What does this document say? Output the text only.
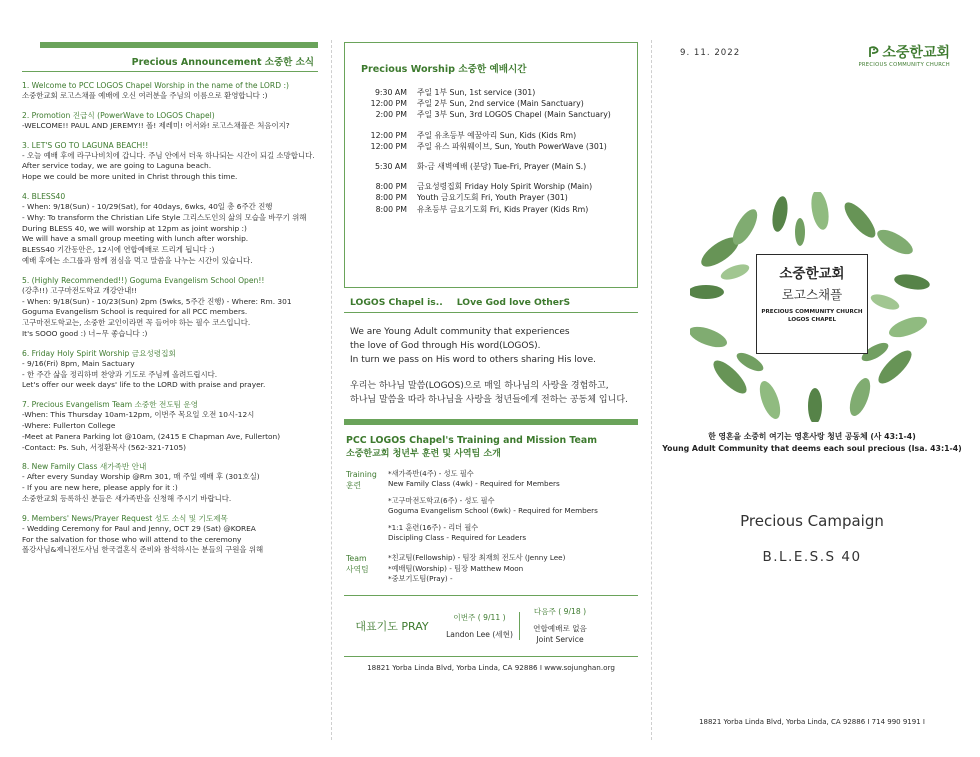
Precious Announcement 소중한 소식
1. Welcome to PCC LOGOS Chapel Worship in the name of the LORD :)
소중한교회 로고스채플 예배에 오신 여러분을 주님의 이름으로 환영합니다 :)
2. Promotion 진급식 (PowerWave to LOGOS Chapel)
-WELCOME!! PAUL AND JEREMY!! 폴! 제레미! 어서와! 로고스채플은 처음이지?
3. LET'S GO TO LAGUNA BEACH!!
- 오늘 예배 후에 라구나비치에 갑니다. 주님 안에서 더욱 하나되는 시간이 되길 소망합니다.
After service today, we are going to Laguna beach.
Hope we could be more united in Christ through this time.
4. BLESS40
- When: 9/18(Sun) - 10/29(Sat), for 40days, 6wks, 40일 총 6주간 진행
- Why: To transform the Christian Life Style 그리스도인의 삶의 모습을 바꾸기 위해
During BLESS 40, we will worship at 12pm as joint worship :)
We will have a small group meeting with lunch after worship.
BLESS40 기간동안은, 12시에 연합예배로 드리게 됩니다 :)
예배 후에는 소그룹과 함께 점심을 먹고 말씀을 나누는 시간이 있습니다.
5. (Highly Recommended!!) Goguma Evangelism School Open!!
(강추!!) 고구마전도학교 개강안내!!
- When: 9/18(Sun) - 10/23(Sun) 2pm (5wks, 5주간 진행) - Where: Rm. 301
Goguma Evangelism School is required for all PCC members.
고구마전도학교는, 소중한 교인이라면 꼭 들어야 하는 필수 코스입니다.
It's SOOO good :) 너~무 좋습니다 :)
6. Friday Holy Spirit Worship 금요성령집회
- 9/16(Fri) 8pm, Main Sactuary
- 한 주간 삶을 정리하며 찬양과 기도로 주님께 올려드립시다.
Let's offer our week days' life to the LORD with praise and prayer.
7. Precious Evangelism Team 소중한 전도팀 운영
-When: This Thursday 10am-12pm, 이번주 목요일 오전 10시-12시
-Where: Fullerton College
-Meet at Panera Parking lot @10am, (2415 E Chapman Ave, Fullerton)
-Contact: Ps. Suh, 서정환목사 (562-321-7105)
8. New Family Class 새가족반 안내
- After every Sunday Worship @Rm 301, 매 주일 예배 후 (301호실)
- If you are new here, please apply for it :)
소중한교회 등록하신 분들은 새가족반을 신청해 주시기 바랍니다.
9. Members' News/Prayer Request 성도 소식 및 기도제목
- Wedding Ceremony for Paul and Jenny, OCT 29 (Sat) @KOREA
For the salvation for those who will attend to the ceremony
폴강사님&제니전도사님 한국결혼식 준비와 참석하시는 분들의 구원을 위해
Precious Worship 소중한 예배시간
9:30 AM 주일 1부 Sun, 1st service (301)
12:00 PM 주일 2부 Sun, 2nd service (Main Sanctuary)
2:00 PM 주일 3부 Sun, 3rd LOGOS Chapel (Main Sanctuary)
12:00 PM 주일 유초등부 예꿈아리 Sun, Kids (Kids Rm)
12:00 PM 주일 유스 파워웨이브, Sun, Youth PowerWave (301)
5:30 AM 화-금 새벽예배 (분당) Tue-Fri, Prayer (Main S.)
8:00 PM 금요성령집회 Friday Holy Spirit Worship (Main)
8:00 PM Youth 금요기도회 Fri, Youth Prayer (301)
8:00 PM 유초등부 금요기도회 Fri, Kids Prayer (Kids Rm)
LOGOS Chapel is.. LOve God love OtherS
We are Young Adult community that experiences
the love of God through His word(LOGOS).
In turn we pass on His word to others sharing His love.
우리는 하나님 말씀(LOGOS)으로 매일 하나님의 사랑을 경험하고,
하나님 말씀을 따라 하나님을 사랑을 청년들에게 전하는 공동체 입니다.
PCC LOGOS Chapel's Training and Mission Team
소중한교회 청년부 훈련 및 사역팀 소개
Training
훈련
*새가족반(4주) - 성도 필수
New Family Class (4wk) - Required for Members
*고구마전도학교(6주) - 성도 필수
Goguma Evangelism School (6wk) - Required for Members
*1:1 훈련(16주) - 리더 필수
Discipling Class - Required for Leaders
Team
사역팀
*친교팀(Fellowship) - 팀장 최재희 전도사 (Jenny Lee)
*예배팀(Worship) - 팀장 Matthew Moon
*중보기도팀(Pray) -
대표기도 PRAY
이번주 ( 9/11 )
Landon Lee (세현)
다음주 ( 9/18 )
연합예배로 없음
Joint Service
18821 Yorba Linda Blvd, Yorba Linda, CA 92886 I www.sojunghan.org
9. 11. 2022	소중한교회
PRECIOUS COMMUNITY CHURCH
소중한교회
로고스채플
PRECIOUS COMMUNITY CHURCH
LOGOS CHAPEL
한 영혼을 소중히 여기는 영혼사랑 청년 공동체 (사 43:1-4)
Young Adult Community that deems each soul precious (Isa. 43:1-4)
Precious Campaign
B.L.E.S.S 40
18821 Yorba Linda Blvd, Yorba Linda, CA 92886 I 714 990 9191 I
